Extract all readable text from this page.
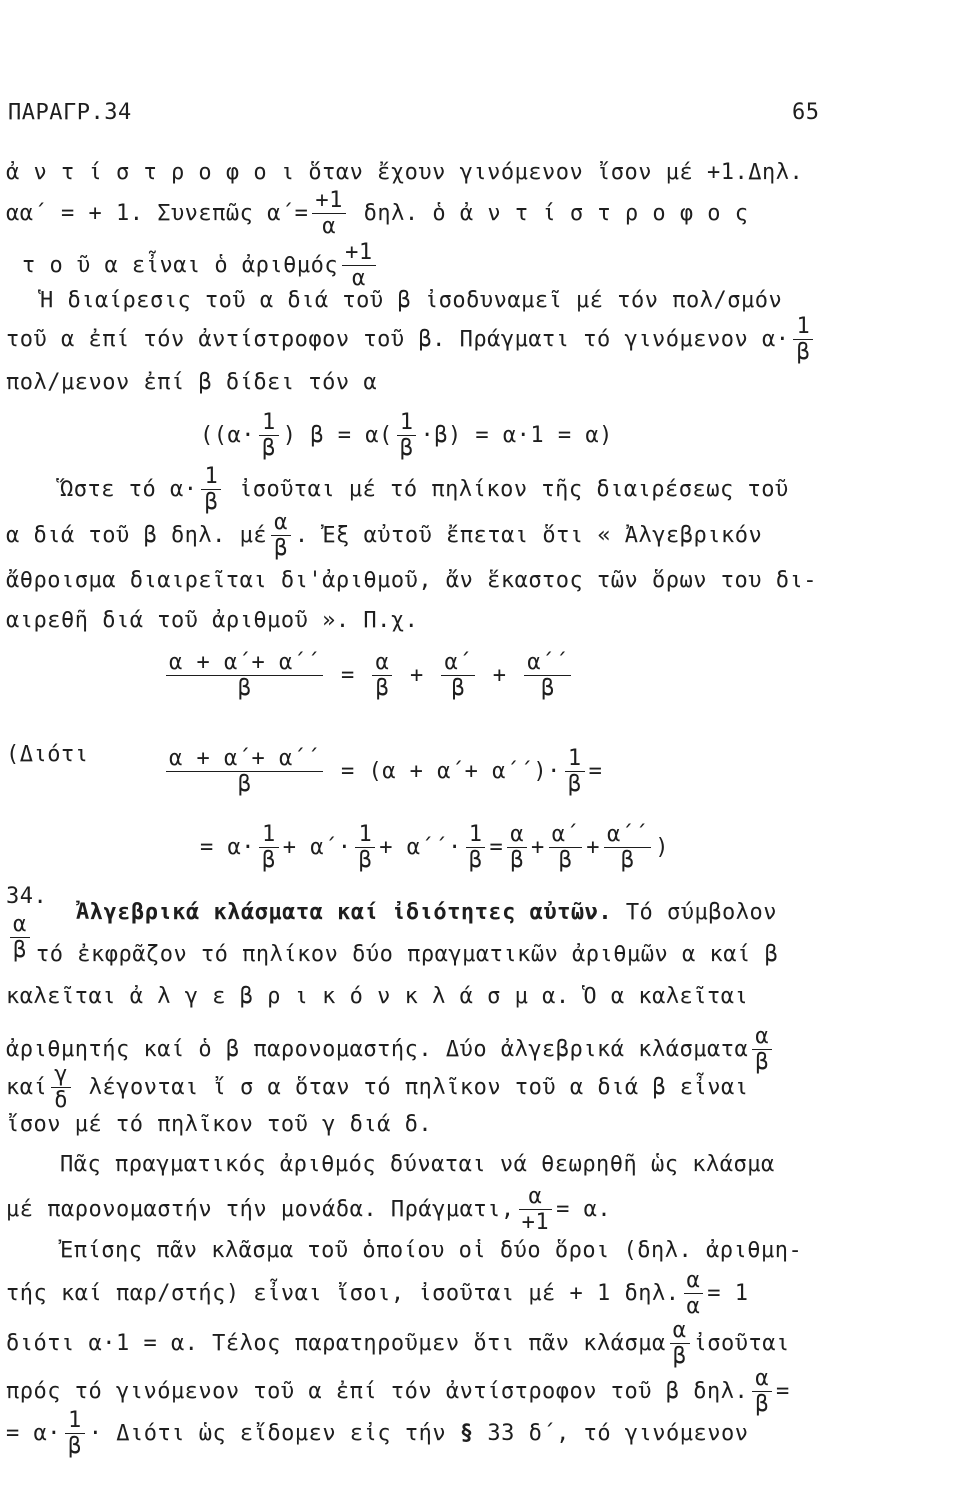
ΠΑΡΑΓΡ.34	65
ἀ ν τ ί σ τ ρ ο φ ο ι ὅταν ἔχουν γινόμενον ἴσον μέ +1.Δηλ.
αα΄ = + 1. Συνεπῶς $\alpha΄= \frac{+1}{\alpha} \delta\eta\lambda$. ὁ ἀ ν τ ί σ τ ρ ο φ ο ς
τ ο ῦ α εἶναι ὁ ἀριθμός $\frac{+1}{\alpha}$
Ἡ διαίρεσις τοῦ α διά τοῦ β ἰσοδυναμεῖ μέ τόν πολ/σμόν
τοῦ α ἐπί τόν ἀντίστροφον τοῦ β. Πράγματι τό γινόμενον $\alpha\cdot \frac{1}{\beta}$
πολ/μενον ἐπί β δίδει τόν α
(($\alpha\cdot \frac{1}{\beta}$ ) $\beta = \alpha( \frac{1}{\beta} \cdot\beta) = \alpha\cdot 1 = \alpha$)
Ὥστε τό $\alpha\cdot \frac{1}{\beta}$ ἰσοῦται μέ τό πηλίκον τῆς διαιρέσεως τοῦ
α διά τοῦ β δηλ. μέ $\frac{\alpha}{\beta}$ . Ἐξ αὐτοῦ ἔπεται ὅτι « Ἀλγεβρικόν
ἄθροισμα διαιρεῖται δι'ἀριθμοῦ, ἄν ἕκαστος τῶν ὅρων του δι-
αιρεθῆ διά τοῦ ἀριθμοῦ ». Π.χ.
$\frac{\alpha + \alpha΄+ \alpha΄΄}{\beta} = \frac{\alpha}{\beta} + \frac{\alpha΄}{\beta} + \frac{\alpha΄΄}{\beta}$
(Διότι	$\frac{\alpha + \alpha΄+ \alpha΄΄}{\beta} = (\alpha + \alpha΄+ \alpha΄΄)\cdot \frac{1}{\beta}$ =
= $\alpha\cdot \frac{1}{\beta} + \alpha΄\cdot \frac{1}{\beta} + \alpha΄΄\cdot \frac{1}{\beta} = \frac{\alpha}{\beta} + \frac{\alpha΄}{\beta} + \frac{\alpha΄΄}{\beta}$ )
34.
$\frac{\alpha}{\beta}$ Ἀλγεβρικά κλάσματα καί ἰδιότητες αὐτῶν. Τό σύμβολον
τό ἐκφρᾶζον τό πηλίκον δύο πραγματικῶν ἀριθμῶν α καί β
καλεῖται ἀ λ γ ε β ρ ι κ ό ν κ λ ά σ μ α. Ὁ α καλεῖται
ἀριθμητής καί ὁ β παρονομαστής. Δύο ἀλγεβρικά κλάσματα $\frac{\alpha}{\beta}$
καί $\frac{\gamma}{\delta}$ λέγονται ἴ σ α ὅταν τό πηλῖκον τοῦ α διά β εἶναι
ἴσον μέ τό πηλῖκον τοῦ γ διά δ.
Πᾶς πραγματικός ἀριθμός δύναται νά θεωρηθῆ ὡς κλάσμα
μέ παρονομαστήν τήν μονάδα. Πράγματι, $\frac{\alpha}{+1} = \alpha$.
Ἐπίσης πᾶν κλᾶσμα τοῦ ὁποίου οἱ δύο ὅροι (δηλ. ἀριθμη-
τής καί παρ/στής) εἶναι ἴσοι, ἰσοῦται μέ + 1 δηλ. $\frac{\alpha}{\alpha} = 1$
διότι α·1 = α. Τέλος παρατηροῦμεν ὅτι πᾶν κλάσμα $\frac{\alpha}{\beta}$ ἰσοῦται
πρός τό γινόμενον τοῦ α ἐπί τόν ἀντίστροφον τοῦ β δηλ. $\frac{\alpha}{\beta}$ =
= $\alpha\cdot \frac{1}{\beta} \cdot \Delta\iota ό\tau\iota$ ὡς εἴδομεν εἰς τήν § 33 δ΄, τό γινόμενον
